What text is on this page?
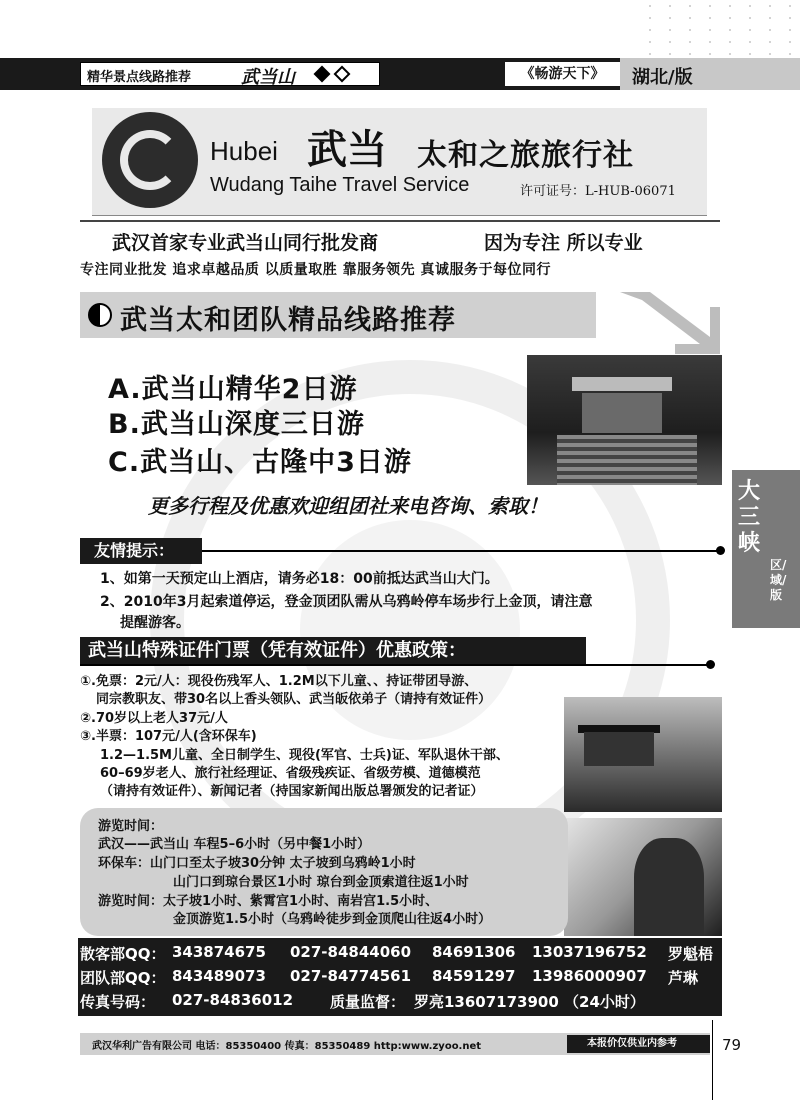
精华景点线路推荐	武当山	《畅游天下》	湖北/版
Hubei 武当 太和之旅旅行社
Wudang Taihe Travel Service	许可证号：L-HUB-06071
武汉首家专业武当山同行批发商	因为专注 所以专业
专注同业批发 追求卓越品质 以质量取胜 靠服务领先 真诚服务于每位同行
武当太和团队精品线路推荐
A.武当山精华2日游
B.武当山深度三日游
C.武当山、古隆中3日游
更多行程及优惠欢迎组团社来电咨询、索取！
大三峡
区/域/版
友情提示：
1、如第一天预定山上酒店，请务必18：00前抵达武当山大门。
2、2010年3月起索道停运，登金顶团队需从乌鸦岭停车场步行上金顶，请注意
提醒游客。
武当山特殊证件门票（凭有效证件）优惠政策：
①.免票：2元/人：现役伤残军人、1.2M以下儿童、、持证带团导游、
同宗教职友、带30名以上香头领队、武当皈依弟子（请持有效证件）
②.70岁以上老人37元/人
③.半票：107元/人(含环保车)
1.2—1.5M儿童、全日制学生、现役(军官、士兵)证、军队退休干部、
60–69岁老人、旅行社经理证、省级残疾证、省级劳模、道德模范
（请持有效证件）、新闻记者（持国家新闻出版总署颁发的记者证）
游览时间：
武汉——武当山 车程5–6小时（另中餐1小时）
环保车：山门口至太子坡30分钟 太子坡到乌鸦岭1小时
山门口到琼台景区1小时 琼台到金顶索道往返1小时
游览时间：太子坡1小时、紫霄宫1小时、南岩宫1.5小时、
金顶游览1.5小时（乌鸦岭徒步到金顶爬山往返4小时）
散客部QQ： 343874675 027-84844060 84691306 13037196752 罗魁梧
团队部QQ： 843489073 027-84774561 84591297 13986000907 芦琳
传真号码： 027-84836012 质量监督： 罗亮13607173900 （24小时）
武汉华利广告有限公司 电话：85350400 传真：85350489 http:www.zyoo.net	本报价仅供业内参考	79
